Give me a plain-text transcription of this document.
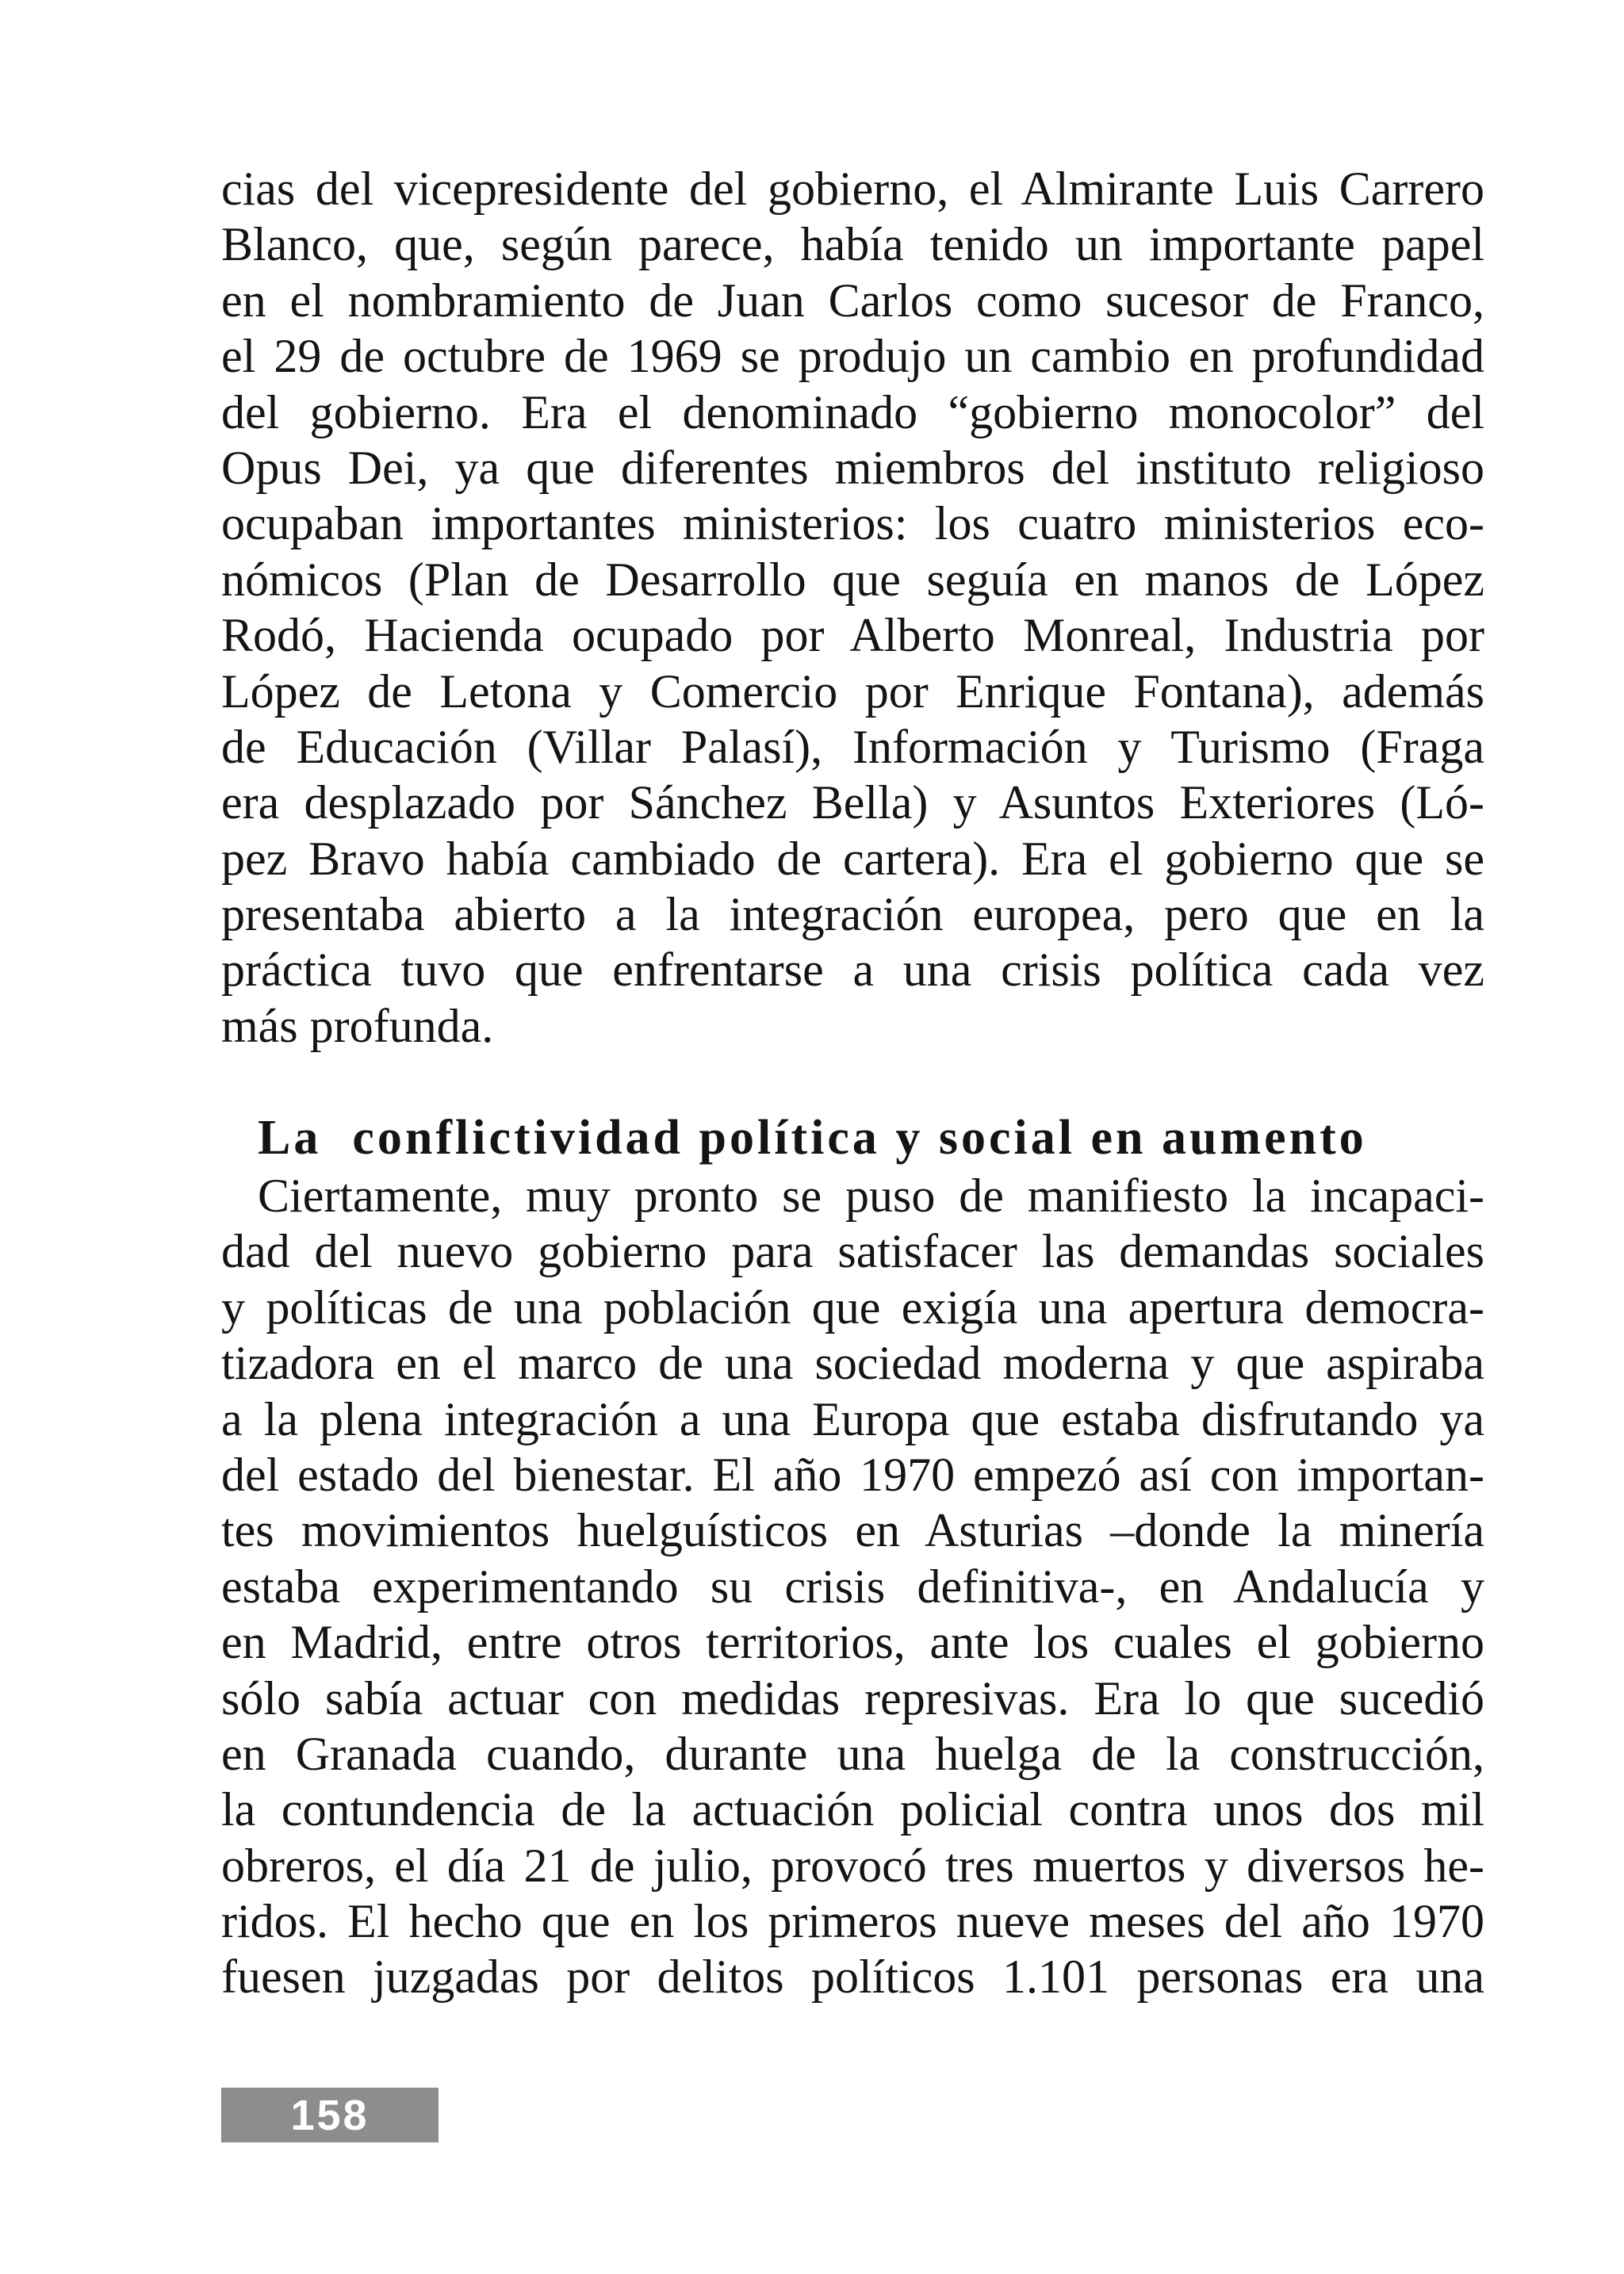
cias del vicepresidente del gobierno, el Almirante Luis Carrero
Blanco, que, según parece, había tenido un importante papel
en el nombramiento de Juan Carlos como sucesor de Franco,
el 29 de octubre de 1969 se produjo un cambio en profundidad
del gobierno. Era el denominado “gobierno monocolor” del
Opus Dei, ya que diferentes miembros del instituto religioso
ocupaban importantes ministerios: los cuatro ministerios eco-
nómicos (Plan de Desarrollo que seguía en manos de López
Rodó, Hacienda ocupado por Alberto Monreal, Industria por
López de Letona y Comercio por Enrique Fontana), además
de Educación (Villar Palasí), Información y Turismo (Fraga
era desplazado por Sánchez Bella) y Asuntos Exteriores (Ló-
pez Bravo había cambiado de cartera). Era el gobierno que se
presentaba abierto a la integración europea, pero que en la
práctica tuvo que enfrentarse a una crisis política cada vez
más profunda.
La  conflictividad política y social en aumento
Ciertamente, muy pronto se puso de manifiesto la incapaci-
dad del nuevo gobierno para satisfacer las demandas sociales
y políticas de una población que exigía una apertura democra-
tizadora en el marco de una sociedad moderna y que aspiraba
a la plena integración a una Europa que estaba disfrutando ya
del estado del bienestar. El año 1970 empezó así con importan-
tes movimientos huelguísticos en Asturias –donde la minería
estaba experimentando su crisis definitiva-, en Andalucía y
en Madrid, entre otros territorios, ante los cuales el gobierno
sólo sabía actuar con medidas represivas. Era lo que sucedió
en Granada cuando, durante una huelga de la construcción,
la contundencia de la actuación policial contra unos dos mil
obreros, el día 21 de julio, provocó tres muertos y diversos he-
ridos. El hecho que en los primeros nueve meses del año 1970
fuesen juzgadas por delitos políticos 1.101 personas era una
158
